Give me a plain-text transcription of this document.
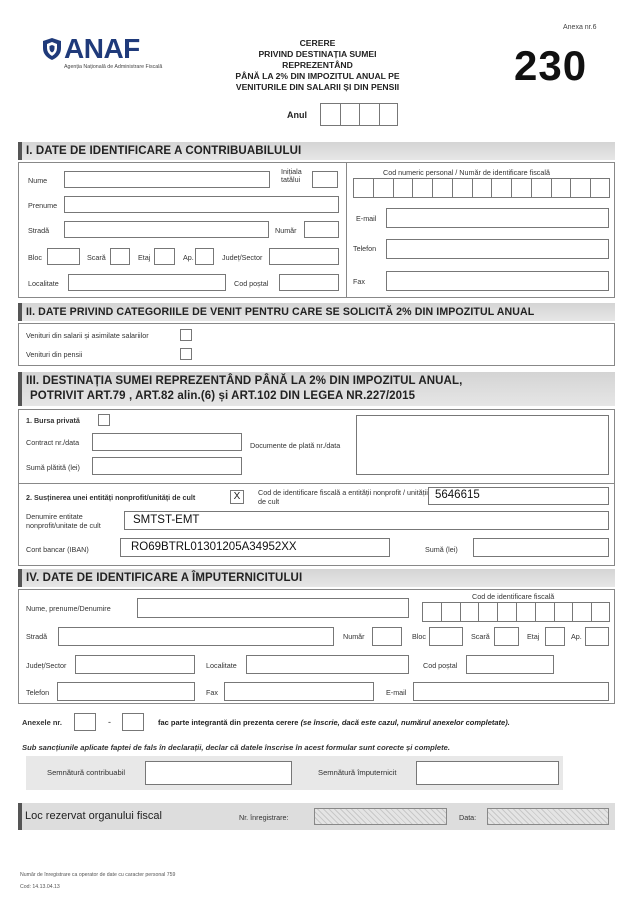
ANAF
Agenția Națională de Administrare Fiscală
CERERE
PRIVIND DESTINAȚIA SUMEI REPREZENTÂND
PÂNĂ LA 2% DIN IMPOZITUL ANUAL PE
VENITURILE DIN SALARII ȘI DIN PENSII
Anexa nr.6
230
Anul
I. DATE DE IDENTIFICARE A CONTRIBUABILULUI
Nume
Inițiala tatălui
Prenume
Stradă	Număr
Bloc	Scară	Etaj	Ap.	Județ/Sector
Localitate	Cod poștal
Cod numeric personal / Număr de identificare fiscală
E-mail
Telefon
Fax
II. DATE PRIVIND CATEGORIILE DE VENIT PENTRU CARE SE SOLICITĂ 2% DIN IMPOZITUL ANUAL
Venituri din salarii și asimilate salariilor
Venituri din pensii
III. DESTINAȚIA SUMEI REPREZENTÂND PÂNĂ LA 2% DIN IMPOZITUL ANUAL,
POTRIVIT ART.79 , ART.82 alin.(6) și ART.102 DIN LEGEA NR.227/2015
1. Bursa privată
Contract nr./data
Sumă plătită (lei)
Documente de plată nr./data
2. Susținerea unei entități nonprofit/unități de cult	X	Cod de identificare fiscală a entității nonprofit / unității de cult
5646615
Denumire entitate nonprofit/unitate de cult	SMTST-EMT
Cont bancar (IBAN)	RO69BTRL01301205A34952XX	Sumă (lei)
IV. DATE DE IDENTIFICARE A ÎMPUTERNICITULUI
Nume, prenume/Denumire
Cod de identificare fiscală
Stradă	Număr	Bloc	Scară	Etaj	Ap.
Județ/Sector	Localitate	Cod poștal
Telefon	Fax	E-mail
Anexele nr.	-	fac parte integrantă din prezenta cerere (se înscrie, dacă este cazul, numărul anexelor completate).
Sub sancțiunile aplicate faptei de fals în declarații, declar că datele înscrise în acest formular sunt corecte și complete.
Semnătură contribuabil	Semnătură împuternicit
Loc rezervat organului fiscal	Nr. înregistrare:	Data:
Număr de înregistrare ca operator de date cu caracter personal 759
Cod: 14.13.04.13
